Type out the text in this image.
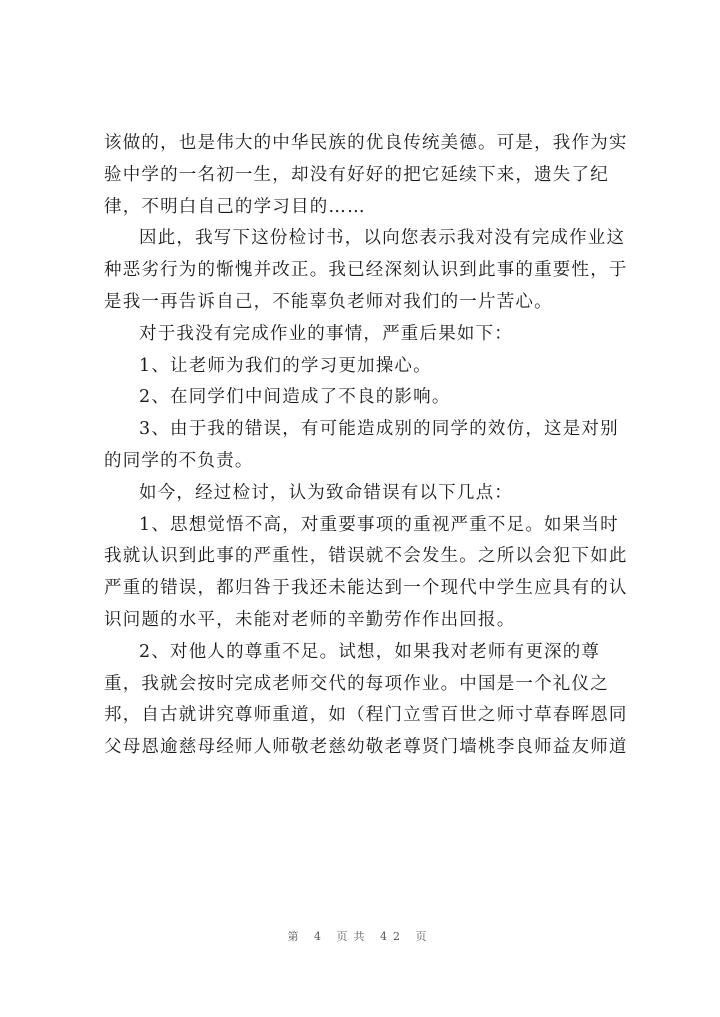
该做的，也是伟大的中华民族的优良传统美德。可是，我作为实
验中学的一名初一生，却没有好好的把它延续下来，遗失了纪
律，不明白自己的学习目的……
因此，我写下这份检讨书，以向您表示我对没有完成作业这
种恶劣行为的惭愧并改正。我已经深刻认识到此事的重要性，于
是我一再告诉自己，不能辜负老师对我们的一片苦心。
对于我没有完成作业的事情，严重后果如下：
1、让老师为我们的学习更加操心。
2、在同学们中间造成了不良的影响。
3、由于我的错误，有可能造成别的同学的效仿，这是对别
的同学的不负责。
如今，经过检讨，认为致命错误有以下几点：
1、思想觉悟不高，对重要事项的重视严重不足。如果当时
我就认识到此事的严重性，错误就不会发生。之所以会犯下如此
严重的错误，都归咎于我还未能达到一个现代中学生应具有的认
识问题的水平，未能对老师的辛勤劳作作出回报。
2、对他人的尊重不足。试想，如果我对老师有更深的尊
重，我就会按时完成老师交代的每项作业。中国是一个礼仪之
邦，自古就讲究尊师重道，如（程门立雪百世之师寸草春晖恩同
父母恩逾慈母经师人师敬老慈幼敬老尊贤门墙桃李良师益友师道
第 4 页共 42 页
